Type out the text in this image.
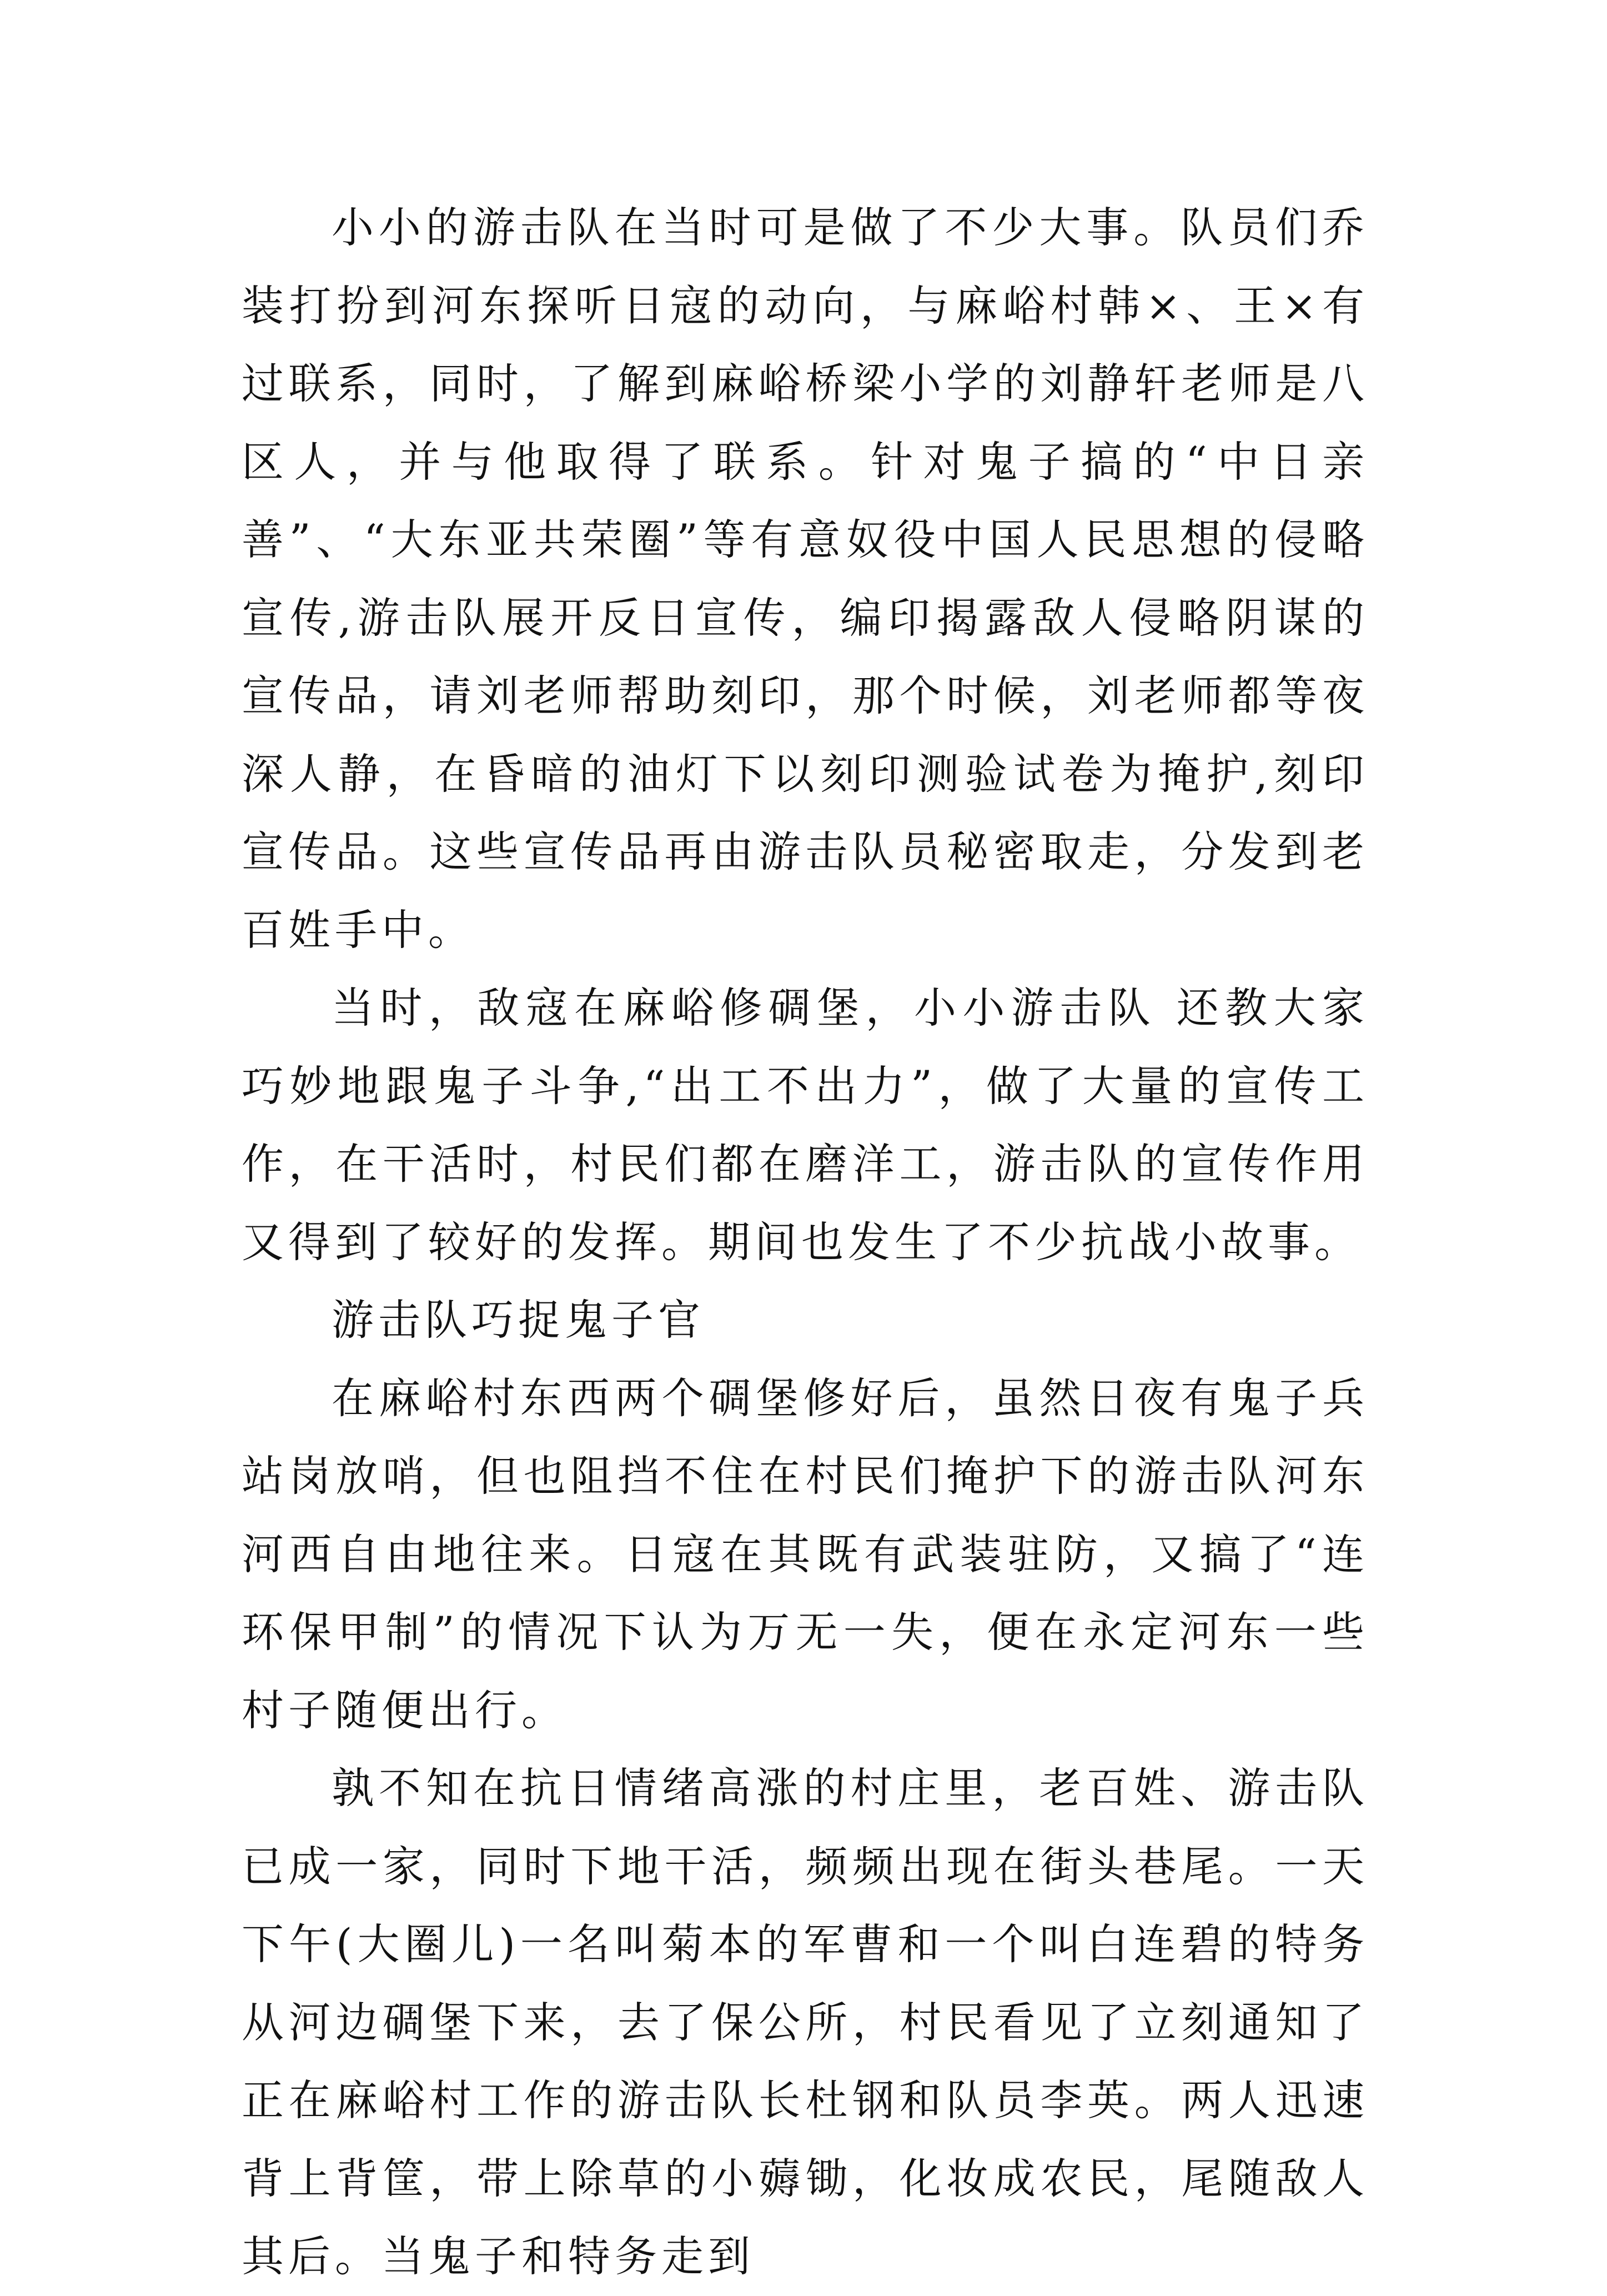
小小的游击队在当时可是做了不少大事。队员们乔装打扮到河东探听日寇的动向，与麻峪村韩×、王×有过联系，同时，了解到麻峪桥梁小学的刘静轩老师是八区人，并与他取得了联系。针对鬼子搞的“中日亲善”、“大东亚共荣圈”等有意奴役中国人民思想的侵略宣传,游击队展开反日宣传，编印揭露敌人侵略阴谋的宣传品，请刘老师帮助刻印，那个时候，刘老师都等夜深人静，在昏暗的油灯下以刻印测验试卷为掩护,刻印宣传品。这些宣传品再由游击队员秘密取走，分发到老百姓手中。

当时，敌寇在麻峪修碉堡，小小游击队 还教大家巧妙地跟鬼子斗争,“出工不出力”，做了大量的宣传工作，在干活时，村民们都在磨洋工，游击队的宣传作用又得到了较好的发挥。期间也发生了不少抗战小故事。

游击队巧捉鬼子官

在麻峪村东西两个碉堡修好后，虽然日夜有鬼子兵站岗放哨，但也阻挡不住在村民们掩护下的游击队河东河西自由地往来。日寇在其既有武装驻防，又搞了“连环保甲制”的情况下认为万无一失，便在永定河东一些村子随便出行。

孰不知在抗日情绪高涨的村庄里，老百姓、游击队已成一家，同时下地干活，频频出现在街头巷尾。一天下午(大圈儿)一名叫菊本的军曹和一个叫白连碧的特务从河边碉堡下来，去了保公所，村民看见了立刻通知了正在麻峪村工作的游击队长杜钢和队员李英。两人迅速背上背筐，带上除草的小薅锄，化妆成农民，尾随敌人其后。当鬼子和特务走到
